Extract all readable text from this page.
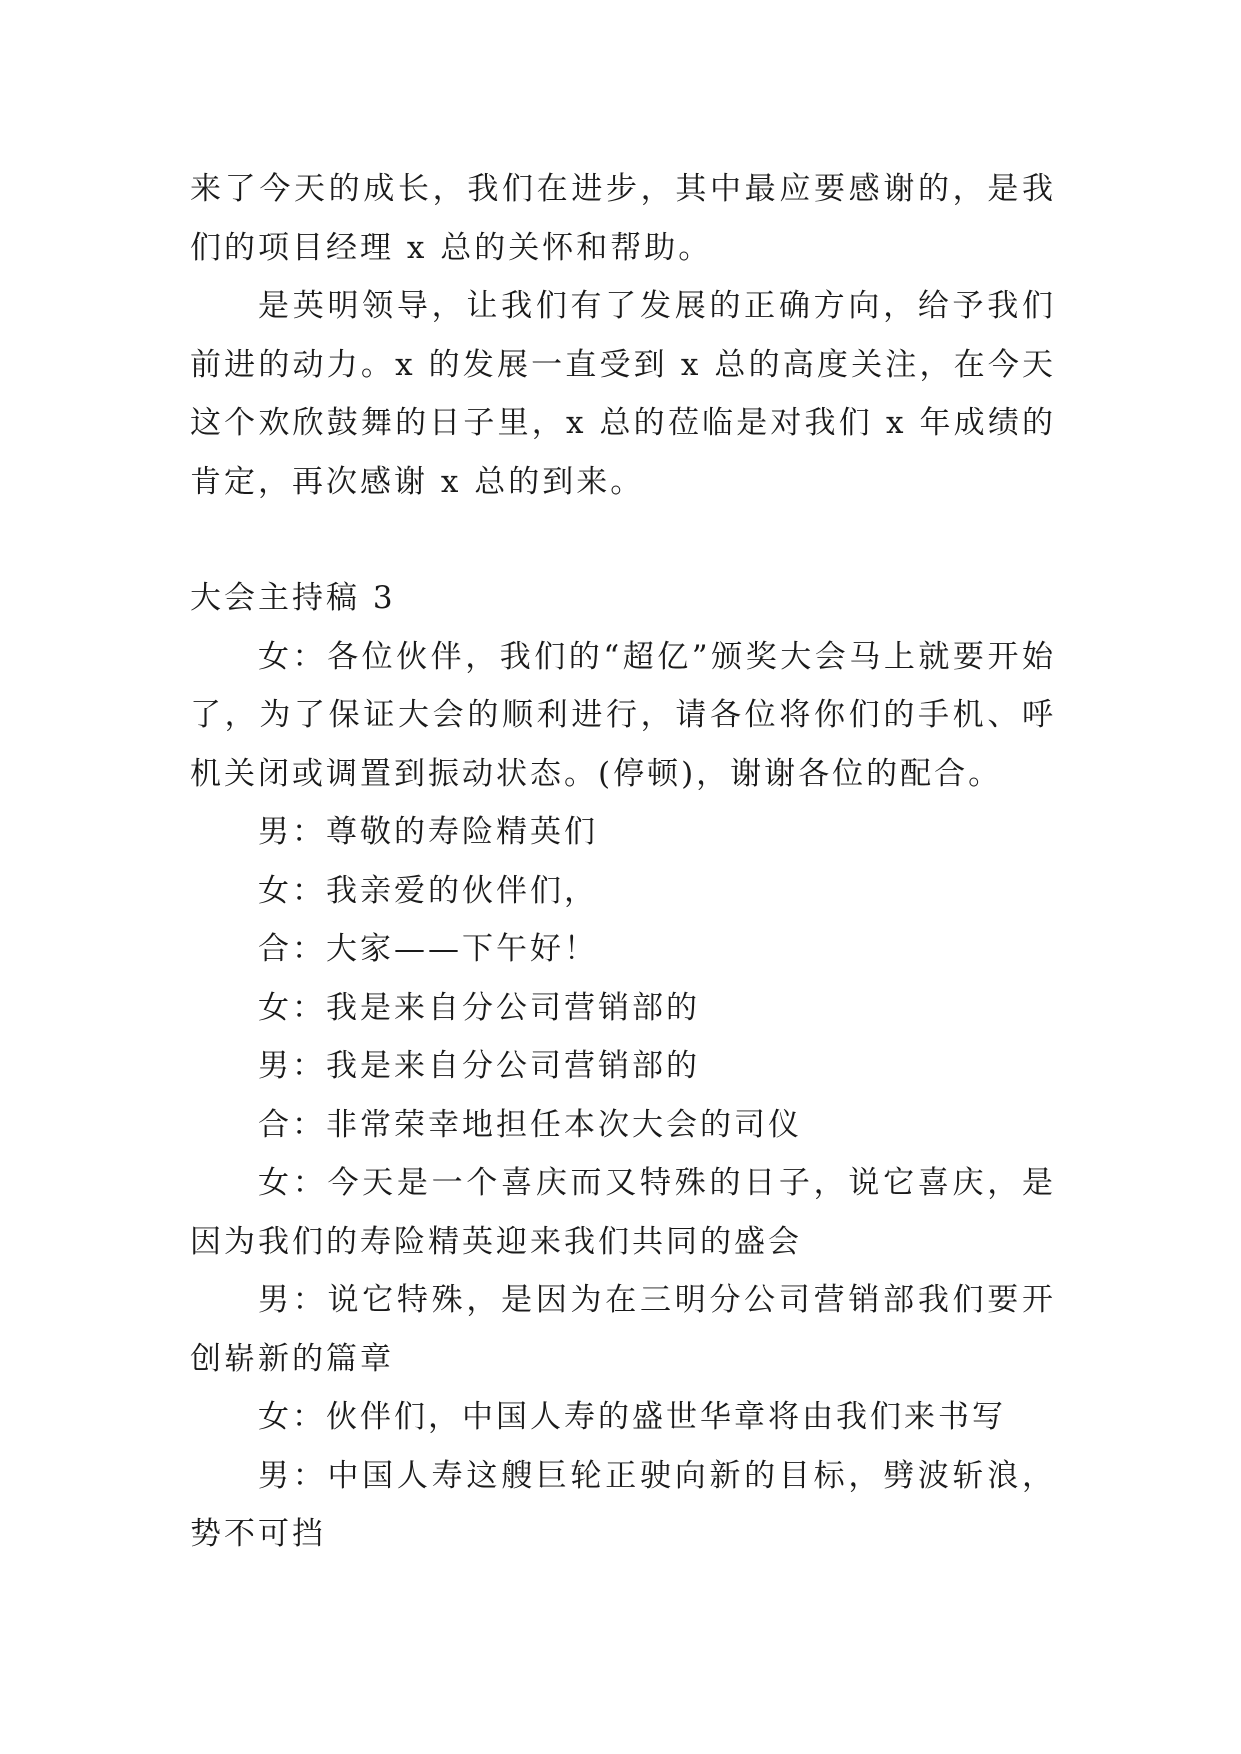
来了今天的成长，我们在进步，其中最应要感谢的，是我们的项目经理 x 总的关怀和帮助。

是英明领导，让我们有了发展的正确方向，给予我们前进的动力。x 的发展一直受到 x 总的高度关注，在今天这个欢欣鼓舞的日子里，x 总的莅临是对我们 x 年成绩的肯定，再次感谢 x 总的到来。

大会主持稿 3

女：各位伙伴，我们的“超亿”颁奖大会马上就要开始了，为了保证大会的顺利进行，请各位将你们的手机、呼机关闭或调置到振动状态。(停顿)，谢谢各位的配合。

男：尊敬的寿险精英们

女：我亲爱的伙伴们，

合：大家——下午好！

女：我是来自分公司营销部的

男：我是来自分公司营销部的

合：非常荣幸地担任本次大会的司仪

女：今天是一个喜庆而又特殊的日子，说它喜庆，是因为我们的寿险精英迎来我们共同的盛会

男：说它特殊，是因为在三明分公司营销部我们要开创崭新的篇章

女：伙伴们，中国人寿的盛世华章将由我们来书写

男：中国人寿这艘巨轮正驶向新的目标，劈波斩浪，势不可挡
